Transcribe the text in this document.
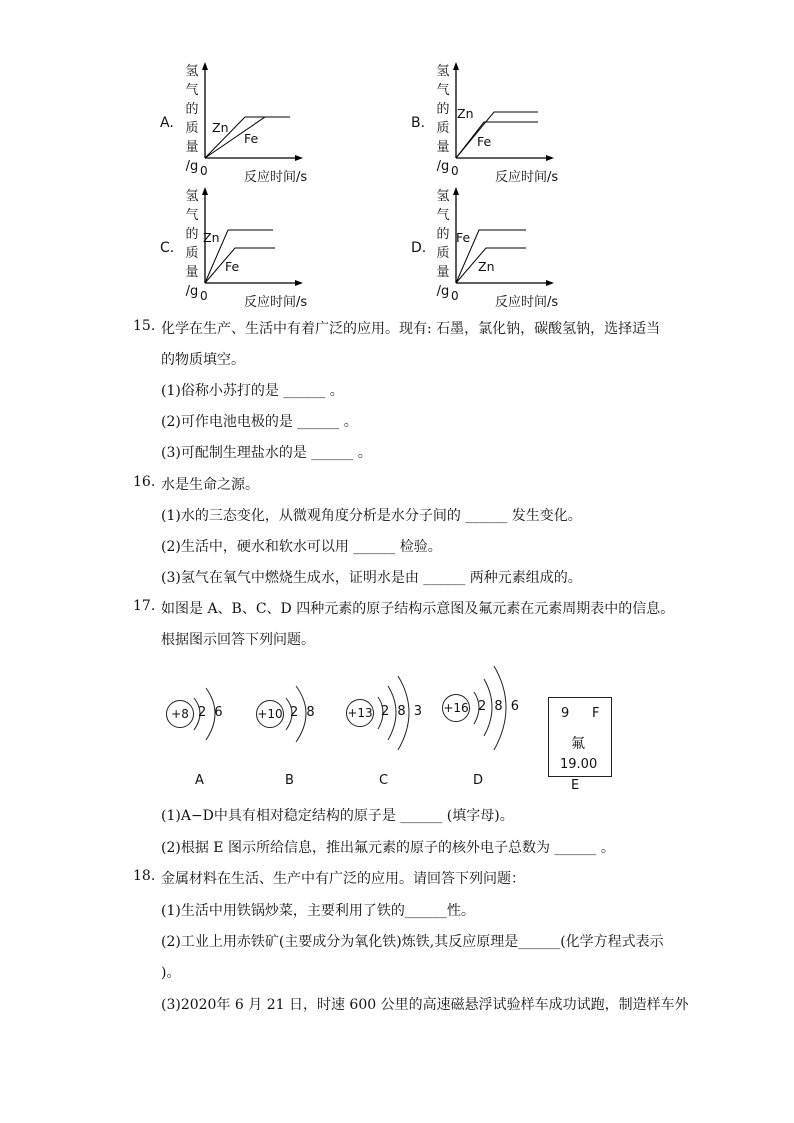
A.
氢
气
的
质
量
/g
Zn
Fe
0	反应时间/s
B.
氢
气
的
质
量
/g
Zn
Fe
0	反应时间/s
C.
氢
气
的
质
量
/g
Zn
Fe
0	反应时间/s
D.
氢
气
的
质
量
/g
Fe
Zn
0	反应时间/s
15. 化学在生产、生活中有着广泛的应用。现有: 石墨，氯化钠，碳酸氢钠，选择适当
的物质填空。
(1)俗称小苏打的是 ______ 。
(2)可作电池电极的是 ______ 。
(3)可配制生理盐水的是 ______ 。
16. 水是生命之源。
(1)水的三态变化，从微观角度分析是水分子间的 ______ 发生变化。
(2)生活中，硬水和软水可以用 ______ 检验。
(3)氢气在氧气中燃烧生成水，证明水是由 ______ 两种元素组成的。
17. 如图是 A、B、C、D 四种元素的原子结构示意图及氟元素在元素周期表中的信息。
根据图示回答下列问题。
+8 2 6
A
+10 2 8
B
+13 2 8 3
C
+16 2 8 6
D
9 F
氟
19.00
E
(1)A−D中具有相对稳定结构的原子是 ______ (填字母)。
(2)根据 E 图示所给信息，推出氟元素的原子的核外电子总数为 ______ 。
18. 金属材料在生活、生产中有广泛的应用。请回答下列问题：
(1)生活中用铁锅炒菜，主要利用了铁的______性。
(2)工业上用赤铁矿(主要成分为氧化铁)炼铁,其反应原理是______(化学方程式表示
)。
(3)2020年 6 月 21 日，时速 600 公里的高速磁悬浮试验样车成功试跑，制造样车外
